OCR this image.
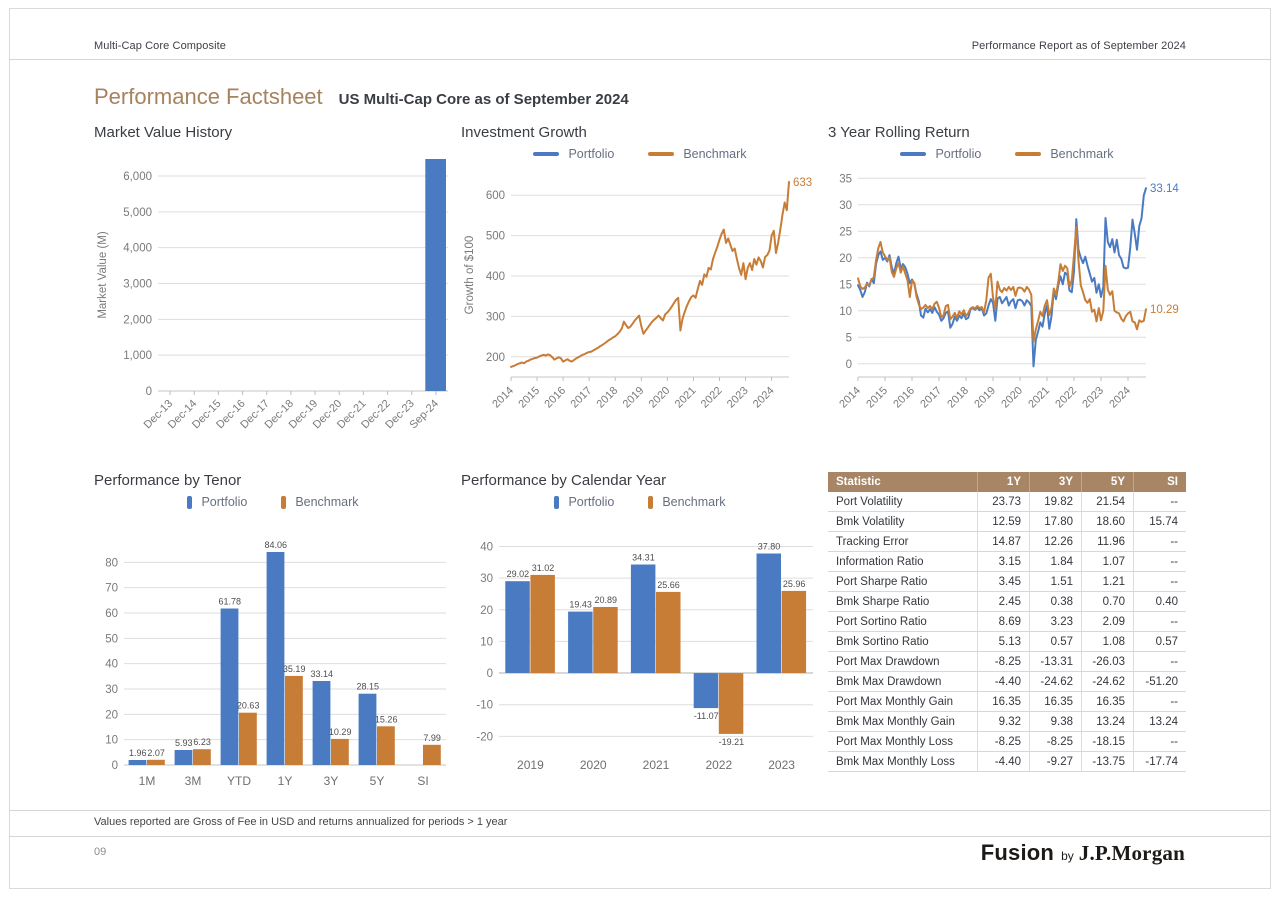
Multi-Cap Core Composite	Performance Report as of September 2024
Performance Factsheet US Multi-Cap Core as of September 2024
Market Value History
0
1,000
2,000
3,000
4,000
5,000
6,000
Market Value (M)
Dec-13
Dec-14
Dec-15
Dec-16
Dec-17
Dec-18
Dec-19
Dec-20
Dec-21
Dec-22
Dec-23
Sep-24
Investment Growth
Portfolio	Benchmark
200
300
400
500
600
Growth of $100
2014 2015 2016 2017 2018 2019 2020 2021 2022 2023 2024
633
3 Year Rolling Return
Portfolio	Benchmark
0
5
10
15
20
25
30
35
2014 2015 2016 2017 2018 2019 2020 2021 2022 2023 2024
33.14
10.29
Performance by Tenor
Portfolio	Benchmark
0
10
20
30
40
50
60
70
80
1.96
5.93
61.78
84.06
33.14
28.15
2.07
6.23
20.63
35.19
10.29
15.26
7.99
1M 3M YTD 1Y	3Y	5Y	SI
Performance by Calendar Year
Portfolio	Benchmark
-20
-10
0
10
20
30
40
29.02
19.43
34.31
-11.07
37.80
31.02
20.89
25.66
-19.21
25.96
2019	2020	2021	2022	2023
Statistic	1Y	3Y	5Y	SI
Port Volatility	23.73	19.82	21.54	--
Bmk Volatility	12.59	17.80	18.60	15.74
Tracking Error	14.87	12.26	11.96	--
Information Ratio	3.15	1.84	1.07	--
Port Sharpe Ratio	3.45	1.51	1.21	--
Bmk Sharpe Ratio	2.45	0.38	0.70	0.40
Port Sortino Ratio	8.69	3.23	2.09	--
Bmk Sortino Ratio	5.13	0.57	1.08	0.57
Port Max Drawdown	-8.25	-13.31	-26.03	--
Bmk Max Drawdown	-4.40	-24.62	-24.62	-51.20
Port Max Monthly Gain	16.35	16.35	16.35	--
Bmk Max Monthly Gain	9.32	9.38	13.24	13.24
Port Max Monthly Loss	-8.25	-8.25	-18.15	--
Bmk Max Monthly Loss	-4.40	-9.27	-13.75	-17.74
Values reported are Gross of Fee in USD and returns annualized for periods > 1 year
09	Fusion by J.P.Morgan
